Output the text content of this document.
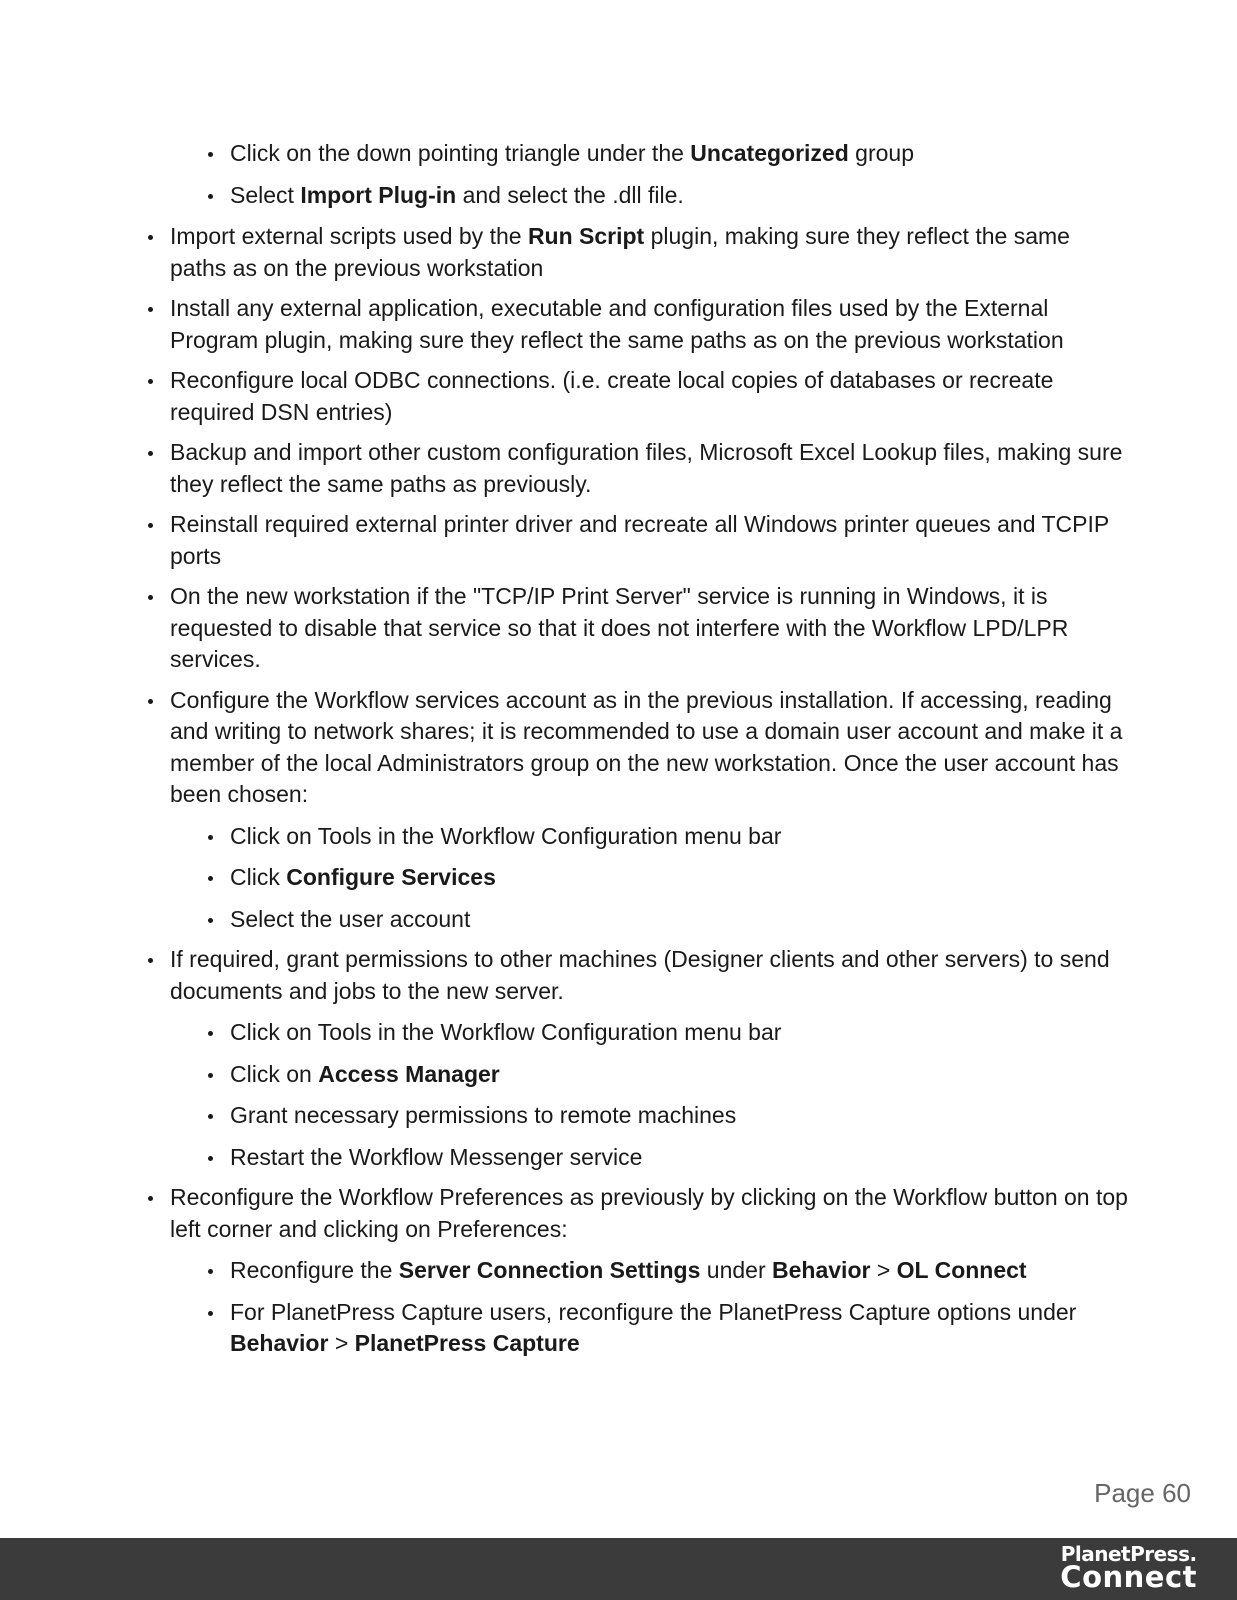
Click on the down pointing triangle under the Uncategorized group
Select Import Plug-in and select the .dll file.
Import external scripts used by the Run Script plugin, making sure they reflect the same paths as on the previous workstation
Install any external application, executable and configuration files used by the External Program plugin, making sure they reflect the same paths as on the previous workstation
Reconfigure local ODBC connections. (i.e. create local copies of databases or recreate required DSN entries)
Backup and import other custom configuration files, Microsoft Excel Lookup files, making sure they reflect the same paths as previously.
Reinstall required external printer driver and recreate all Windows printer queues and TCPIP ports
On the new workstation if the "TCP/IP Print Server" service is running in Windows, it is requested to disable that service so that it does not interfere with the Workflow LPD/LPR services.
Configure the Workflow services account as in the previous installation. If accessing, reading and writing to network shares; it is recommended to use a domain user account and make it a member of the local Administrators group on the new workstation. Once the user account has been chosen:
Click on Tools in the Workflow Configuration menu bar
Click Configure Services
Select the user account
If required, grant permissions to other machines (Designer clients and other servers) to send documents and jobs to the new server.
Click on Tools in the Workflow Configuration menu bar
Click on Access Manager
Grant necessary permissions to remote machines
Restart the Workflow Messenger service
Reconfigure the Workflow Preferences as previously by clicking on the Workflow button on top left corner and clicking on Preferences:
Reconfigure the Server Connection Settings under Behavior > OL Connect
For PlanetPress Capture users, reconfigure the PlanetPress Capture options under Behavior > PlanetPress Capture
Page 60
PlanetPress.
Connect
